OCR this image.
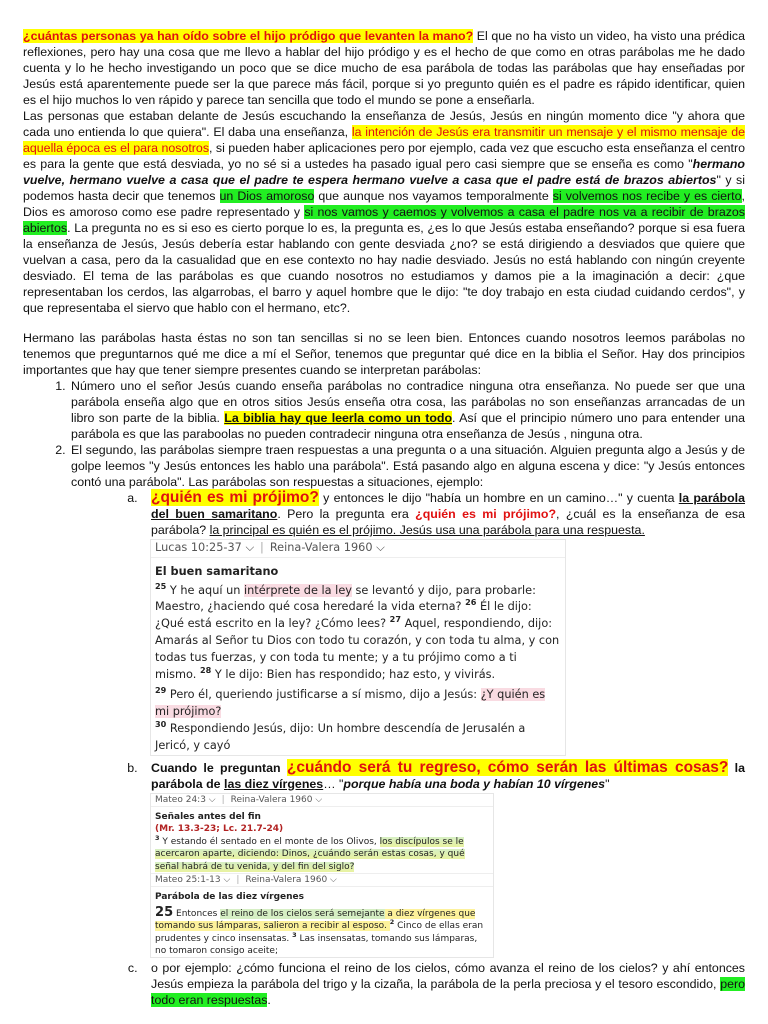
¿cuántas personas ya han oído sobre el hijo pródigo que levanten la mano? El que no ha visto un video, ha visto una prédica reflexiones, pero hay una cosa que me llevo a hablar del hijo pródigo y es el hecho de que como en otras parábolas me he dado cuenta y lo he hecho investigando un poco que se dice mucho de esa parábola de todas las parábolas que hay enseñadas por Jesús está aparentemente puede ser la que parece más fácil, porque si yo pregunto quién es el padre es rápido identificar, quien es el hijo muchos lo ven rápido y parece tan sencilla que todo el mundo se pone a enseñarla.

Las personas que estaban delante de Jesús escuchando la enseñanza de Jesús, Jesús en ningún momento dice "y ahora que cada uno entienda lo que quiera". El daba una enseñanza, la intención de Jesús era transmitir un mensaje y el mismo mensaje de aquella época es el para nosotros, si pueden haber aplicaciones pero por ejemplo, cada vez que escucho esta enseñanza el centro es para la gente que está desviada, yo no sé si a ustedes ha pasado igual pero casi siempre que se enseña es como "hermano vuelve, hermano vuelve a casa que el padre te espera hermano vuelve a casa que el padre está de brazos abiertos" y si podemos hasta decir que tenemos un Dios amoroso que aunque nos vayamos temporalmente si volvemos nos recibe y es cierto, Dios es amoroso como ese padre representado y si nos vamos y caemos y volvemos a casa el padre nos va a recibir de brazos abiertos. La pregunta no es si eso es cierto porque lo es, la pregunta es, ¿es lo que Jesús estaba enseñando? porque si esa fuera la enseñanza de Jesús, Jesús debería estar hablando con gente desviada ¿no? se está dirigiendo a desviados que quiere que vuelvan a casa, pero da la casualidad que en ese contexto no hay nadie desviado. Jesús no está hablando con ningún creyente desviado. El tema de las parábolas es que cuando nosotros no estudiamos y damos pie a la imaginación a decir: ¿que representaban los cerdos, las algarrobas, el barro y aquel hombre que le dijo: "te doy trabajo en esta ciudad cuidando cerdos", y que representaba el siervo que hablo con el hermano, etc?.

Hermano las parábolas hasta éstas no son tan sencillas si no se leen bien. Entonces cuando nosotros leemos parábolas no tenemos que preguntarnos qué me dice a mí el Señor, tenemos que preguntar qué dice en la biblia el Señor. Hay dos principios importantes que hay que tener siempre presentes cuando se interpretan parábolas:

1. Número uno el señor Jesús cuando enseña parábolas no contradice ninguna otra enseñanza. No puede ser que una parábola enseña algo que en otros sitios Jesús enseña otra cosa, las parábolas no son enseñanzas arrancadas de un libro son parte de la biblia. La biblia hay que leerla como un todo. Así que el principio número uno para entender una parábola es que las paraboolas no pueden contradecir ninguna otra enseñanza de Jesús , ninguna otra.
2. El segundo, las parábolas siempre traen respuestas a una pregunta o a una situación. Alguien pregunta algo a Jesús y de golpe leemos "y Jesús entonces les hablo una parábola". Está pasando algo en alguna escena y dice: "y Jesús entonces contó una parábola". Las parábolas son respuestas a situaciones, ejemplo:
a. ¿quién es mi prójimo? y entonces le dijo "había un hombre en un camino…" y cuenta la parábola del buen samaritano. Pero la pregunta era ¿quién es mi prójimo?, ¿cuál es la enseñanza de esa parábola? la principal es quién es el prójimo. Jesús usa una parábola para una respuesta.
Lucas 10:25-37 ⌵ | Reina-Valera 1960 ⌵
El buen samaritano
$^{25}$ Y he aquí un intérprete de la ley se levantó y dijo, para probarle: Maestro, ¿haciendo qué cosa heredaré la vida eterna? $^{26}$ Él le dijo: ¿Qué está escrito en la ley? ¿Cómo lees? $^{27}$ Aquel, respondiendo, dijo: Amarás al Señor tu Dios con todo tu corazón, y con toda tu alma, y con todas tus fuerzas, y con toda tu mente; y a tu prójimo como a ti mismo. $^{28}$ Y le dijo: Bien has respondido; haz esto, y vivirás.
$^{29}$ Pero él, queriendo justificarse a sí mismo, dijo a Jesús: ¿Y quién es mi prójimo?
$^{30}$ Respondiendo Jesús, dijo: Un hombre descendía de Jerusalén a Jericó, y cayó
b. Cuando le preguntan ¿cuándo será tu regreso, cómo serán las últimas cosas? la parábola de las diez vírgenes… "porque había una boda y habían 10 vírgenes"
Mateo 24:3 ⌵ | Reina-Valera 1960 ⌵
Señales antes del fin
(Mr. 13.3-23; Lc. 21.7-24)
$^3$ Y estando él sentado en el monte de los Olivos, los discípulos se le acercaron aparte, diciendo: Dinos, ¿cuándo serán estas cosas, y qué señal habrá de tu venida, y del fin del siglo?
Mateo 25:1-13 ⌵ | Reina-Valera 1960 ⌵
Parábola de las diez vírgenes
25 Entonces el reino de los cielos será semejante a diez vírgenes que tomando sus lámparas, salieron a recibir al esposo. $^2$ Cinco de ellas eran prudentes y cinco insensatas. $^3$ Las insensatas, tomando sus lámparas, no tomaron consigo aceite;
c. o por ejemplo: ¿cómo funciona el reino de los cielos, cómo avanza el reino de los cielos? y ahí entonces Jesús empieza la parábola del trigo y la cizaña, la parábola de la perla preciosa y el tesoro escondido, pero todo eran respuestas.
